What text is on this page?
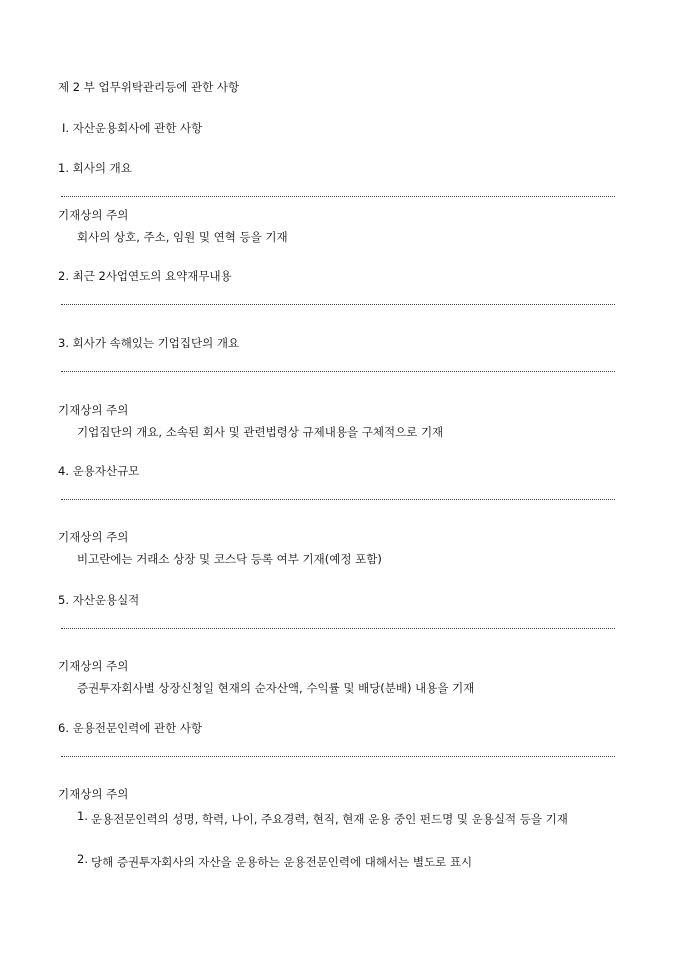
제 2 부 업무위탁관리등에 관한 사항
Ⅰ. 자산운용회사에 관한 사항
1. 회사의 개요
기재상의 주의
회사의 상호, 주소, 임원 및 연혁 등을 기재
2. 최근 2사업연도의 요약재무내용
3. 회사가 속해있는 기업집단의 개요
기재상의 주의
기업집단의 개요, 소속된 회사 및 관련법령상 규제내용을 구체적으로 기재
4. 운용자산규모
기재상의 주의
비고란에는 거래소 상장 및 코스닥 등록 여부 기재(예정 포함)
5. 자산운용실적
기재상의 주의
증권투자회사별 상장신청일 현재의 순자산액, 수익률 및 배당(분배) 내용을 기재
6. 운용전문인력에 관한 사항
기재상의 주의
1. 운용전문인력의 성명, 학력, 나이, 주요경력, 현직, 현재 운용 중인 펀드명 및 운용실적 등을 기재
2. 당해 증권투자회사의 자산을 운용하는 운용전문인력에 대해서는 별도로 표시
